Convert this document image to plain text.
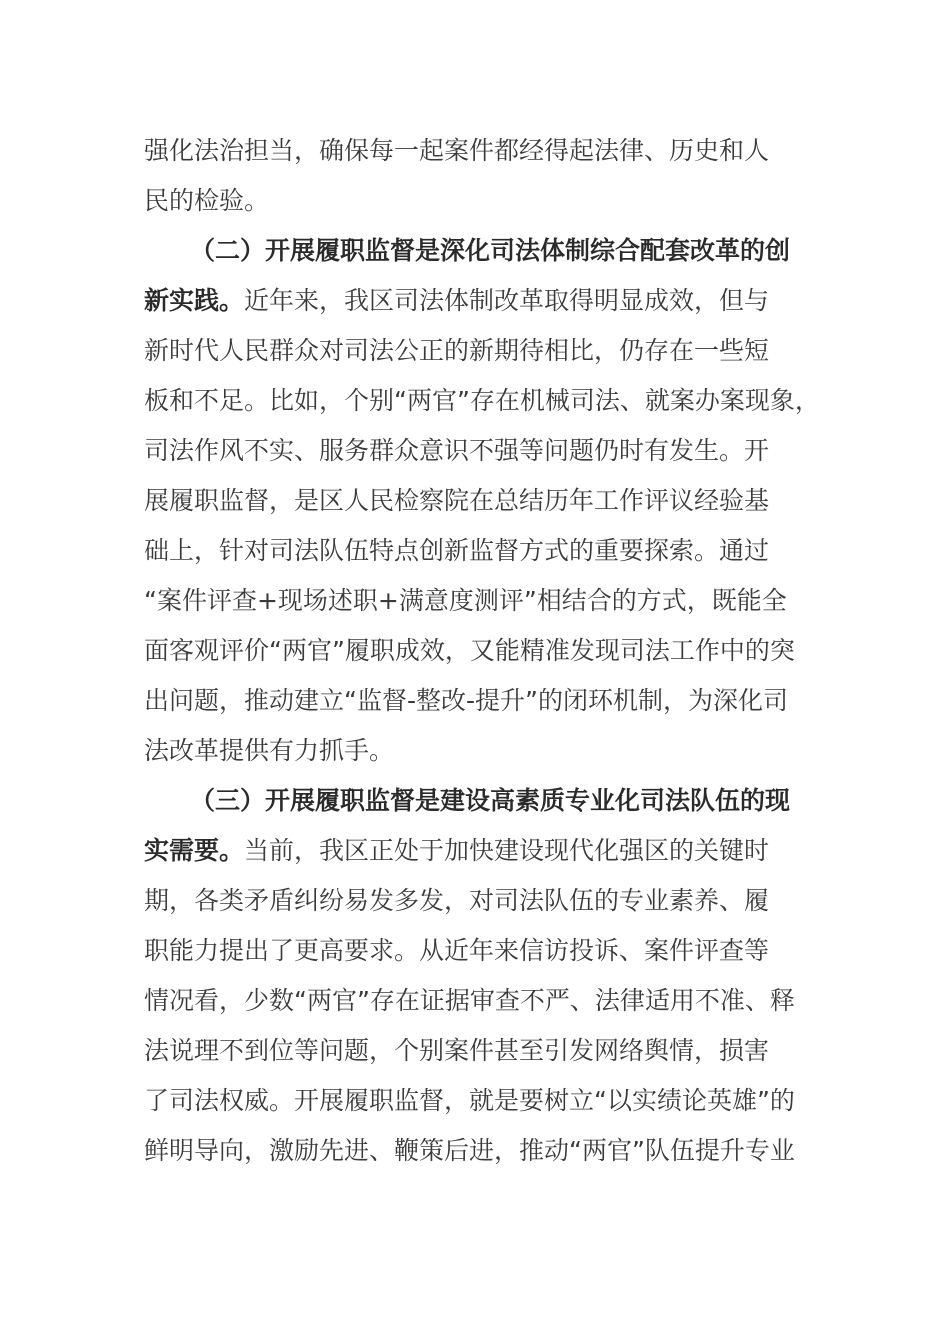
强化法治担当，确保每一起案件都经得起法律、历史和人
民的检验。
（二）开展履职监督是深化司法体制综合配套改革的创
新实践。近年来，我区司法体制改革取得明显成效，但与
新时代人民群众对司法公正的新期待相比，仍存在一些短
板和不足。比如，个别“两官”存在机械司法、就案办案现象，
司法作风不实、服务群众意识不强等问题仍时有发生。开
展履职监督，是区人民检察院在总结历年工作评议经验基
础上，针对司法队伍特点创新监督方式的重要探索。通过
“案件评查+现场述职+满意度测评”相结合的方式，既能全
面客观评价“两官”履职成效，又能精准发现司法工作中的突
出问题，推动建立“监督-整改-提升”的闭环机制，为深化司
法改革提供有力抓手。
（三）开展履职监督是建设高素质专业化司法队伍的现
实需要。当前，我区正处于加快建设现代化强区的关键时
期，各类矛盾纠纷易发多发，对司法队伍的专业素养、履
职能力提出了更高要求。从近年来信访投诉、案件评查等
情况看，少数“两官”存在证据审查不严、法律适用不准、释
法说理不到位等问题，个别案件甚至引发网络舆情，损害
了司法权威。开展履职监督，就是要树立“以实绩论英雄”的
鲜明导向，激励先进、鞭策后进，推动“两官”队伍提升专业
